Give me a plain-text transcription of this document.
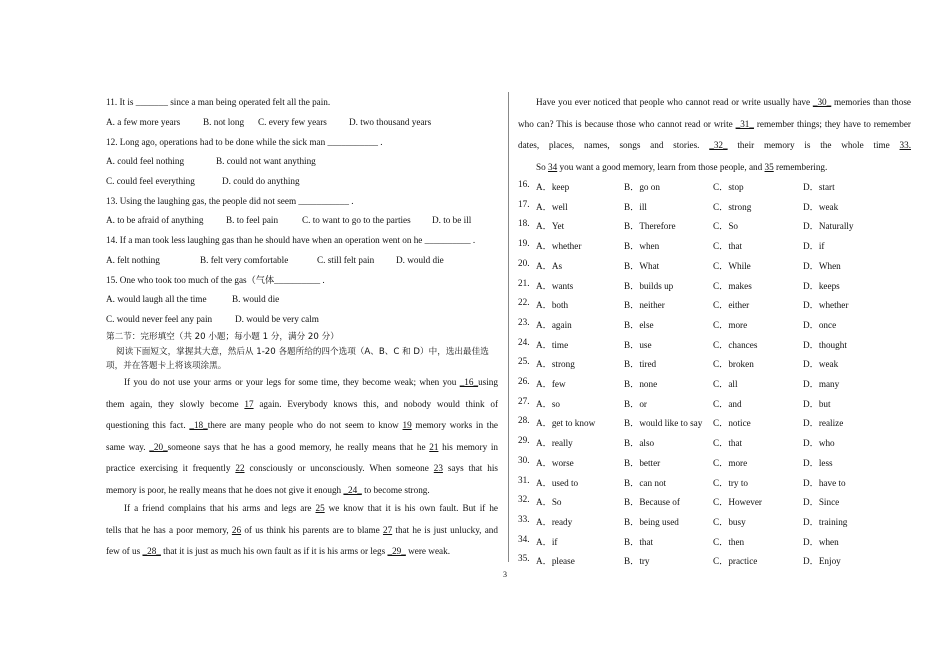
11. It is _______ since a man being operated felt all the pain.
A. a few more years B. not long C. every few years D. two thousand years
12. Long ago, operations had to be done while the sick man ___________ .
A. could feel nothing	B. could not want anything
C. could feel everything	D. could do anything
13. Using the laughing gas, the people did not seem ___________ .
A. to be afraid of anything B. to feel pain	C. to want to go to the parties D. to be ill
14. If a man took less laughing gas than he should have when an operation went on he __________ .
A. felt nothing	B. felt very comfortable	C. still felt pain D. would die
15. One who took too much of the gas（气体__________ .
A. would laugh all the time	B. would die
C. would never feel any pain D. would be very calm
第二节：完形填空（共 20 小题；每小题 1 分，满分 20 分）
阅读下面短文，掌握其大意，然后从 1-20 各题所给的四个选项（A、B、C 和 D）中，选出最佳选
项，并在答题卡上将该项涂黑。
If you do not use your arms or your legs for some time, they become weak; when you _16_using
them again, they slowly become 17 again. Everybody knows this, and nobody would think of
questioning this fact. _18_there are many people who do not seem to know 19 memory works in the
same way. _20_someone says that he has a good memory, he really means that he 21 his memory in
practice exercising it frequently 22 consciously or unconsciously. When someone 23 says that his
memory is poor, he really means that he does not give it enough _24_ to become strong.
If a friend complains that his arms and legs are 25 we know that it is his own fault. But if he
tells that he has a poor memory, 26 of us think his parents are to blame 27 that he is just unlucky, and
few of us _28_ that it is just as much his own fault as if it is his arms or legs _29_ were weak.
Have you ever noticed that people who cannot read or write usually have _30_ memories than those
who can? This is because those who cannot read or write _31_ remember things; they have to remember
dates, places, names, songs and stories. _32_ their memory is the whole time 33.
So 34 you want a good memory, learn from those people, and 35 remembering.
16. A．keep	B．go on	C．stop	D．start
17. A．well	B．ill	C．strong	D．weak
18. A．Yet	B．Therefore	C．So	D．Naturally
19. A．whether	B．when	C．that	D．if
20. A．As	B．What	C．While	D．When
21. A．wants	B．builds up	C．makes	D．keeps
22. A．both	B．neither	C．either	D．whether
23. A．again	B．else	C．more	D．once
24. A．time	B．use	C．chances	D．thought
25. A．strong	B．tired	C．broken	D．weak
26. A．few	B．none	C．all	D．many
27. A．so	B．or	C．and	D．but
28. A．get to know	B．would like to say C．notice	D．realize
29. A．really	B．also	C．that	D．who
30. A．worse	B．better	C．more	D．less
31. A．used to	B．can not	C．try to	D．have to
32. A．So	B．Because of	C．However	D．Since
33. A．ready	B．being used	C．busy	D．training
34. A．if	B．that	C．then	D．when
35. A．please	B．try	C．practice	D．Enjoy
3
